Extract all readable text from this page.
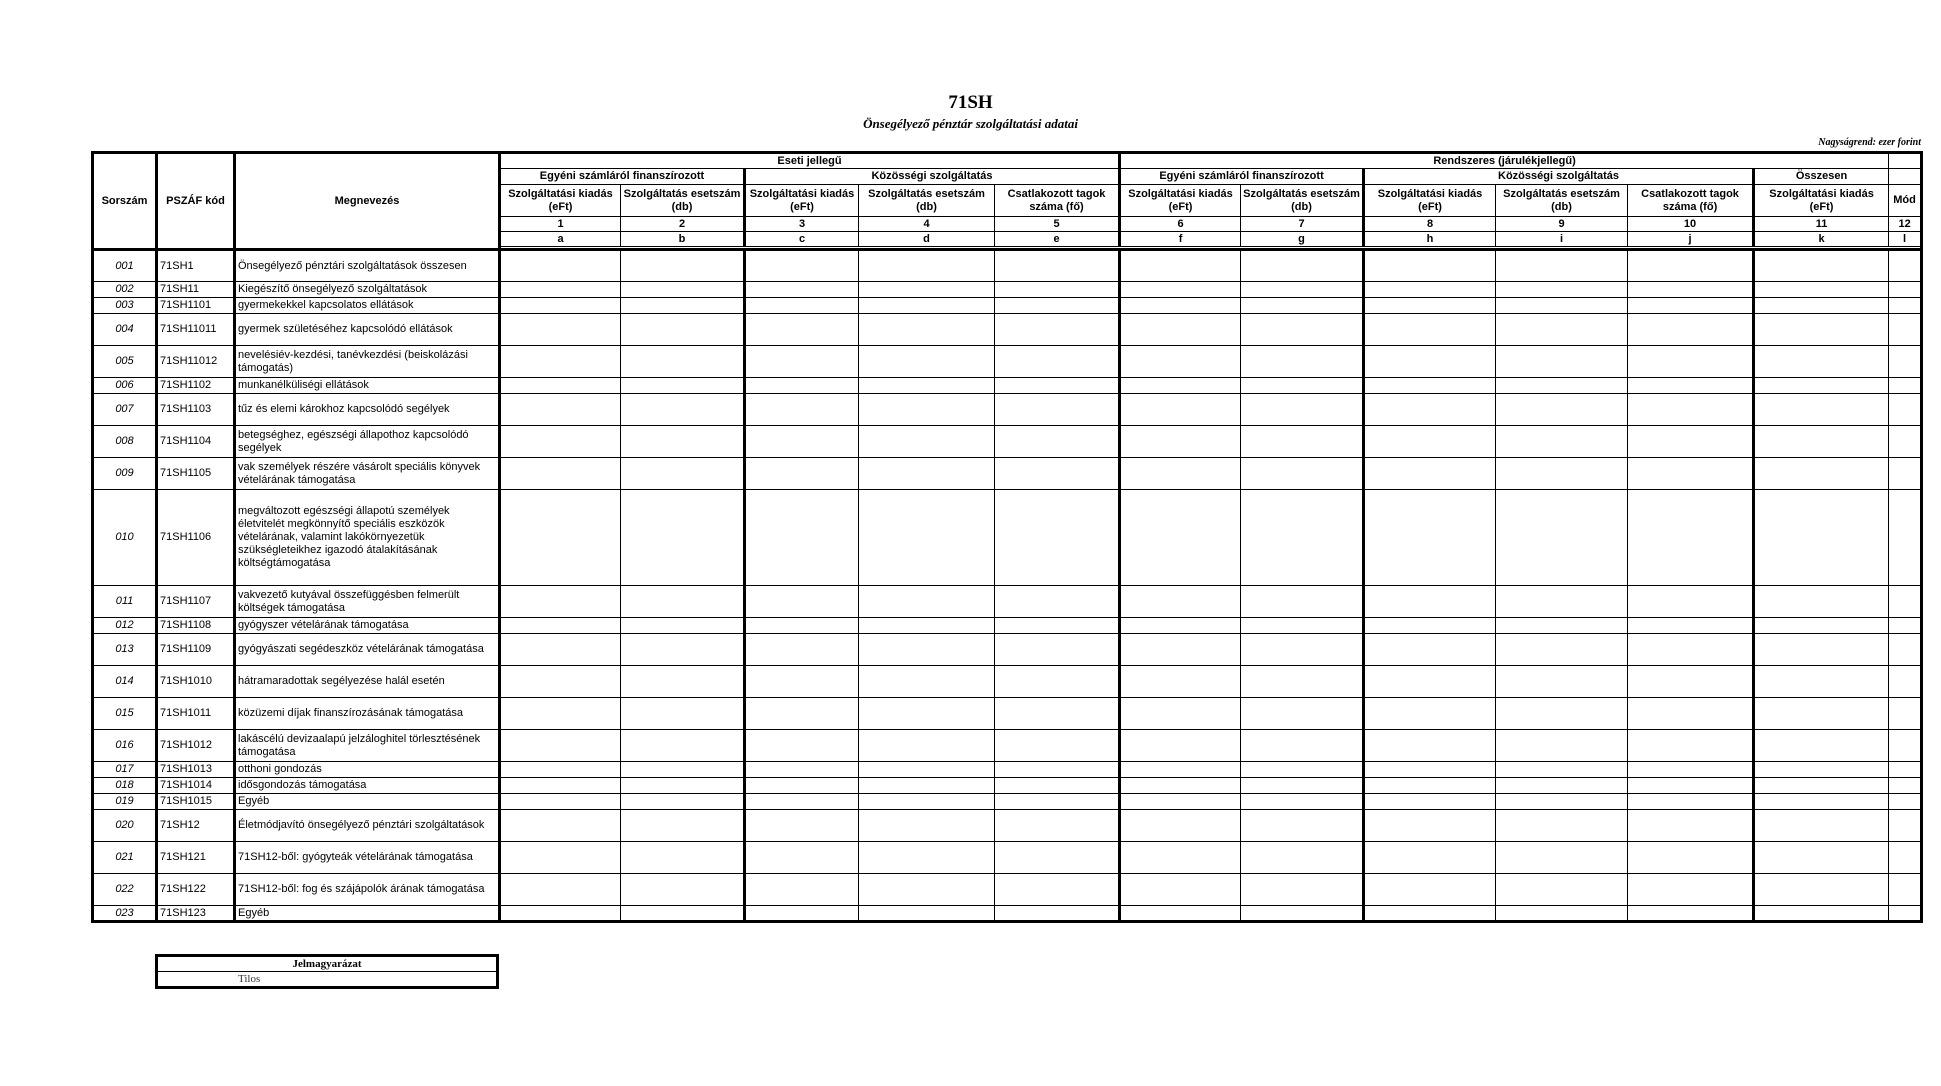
71SH
Önsegélyező pénztár szolgáltatási adatai
Nagyságrend: ezer forint
Sorszám	PSZÁF kód	Megnevezés	Eseti jellegű					Rendszeres (járulékjellegű)						
			Egyéni számláról finanszírozott		Közösségi szolgáltatás			Egyéni számláról finanszírozott		Közösségi szolgáltatás			Összesen	
			Szolgáltatási kiadás (eFt)	Szolgáltatás esetszám (db)	Szolgáltatási kiadás (eFt)	Szolgáltatás esetszám (db)	Csatlakozott tagok száma (fő)	Szolgáltatási kiadás (eFt)	Szolgáltatás esetszám (db)	Szolgáltatási kiadás (eFt)	Szolgáltatás esetszám (db)	Csatlakozott tagok száma (fő)	Szolgáltatási kiadás (eFt)	Mód
			1	2	3	4	5	6	7	8	9	10	11	12
			a	b	c	d	e	f	g	h	i	j	k	l

001	71SH1	Önsegélyező pénztári szolgáltatások összesen												
002	71SH11	Kiegészítő önsegélyező szolgáltatások												
003	71SH1101	gyermekekkel kapcsolatos ellátások												
004	71SH11011	gyermek születéséhez kapcsolódó ellátások												
005	71SH11012	nevelésiév-kezdési, tanévkezdési (beiskolázási támogatás)												
006	71SH1102	munkanélküliségi ellátások												
007	71SH1103	tűz és elemi károkhoz kapcsolódó segélyek												
008	71SH1104	betegséghez, egészségi állapothoz kapcsolódó segélyek												
009	71SH1105	vak személyek részére vásárolt speciális könyvek vételárának támogatása												
010	71SH1106	megváltozott egészségi állapotú személyek életvitelét megkönnyítő speciális eszközök vételárának, valamint lakókörnyezetük szükségleteikhez igazodó átalakításának költségtámogatása												
011	71SH1107	vakvezető kutyával összefüggésben felmerült költségek támogatása												
012	71SH1108	gyógyszer vételárának támogatása												
013	71SH1109	gyógyászati segédeszköz vételárának támogatása												
014	71SH1010	hátramaradottak segélyezése halál esetén												
015	71SH1011	közüzemi díjak finanszírozásának támogatása												
016	71SH1012	lakáscélú devizaalapú jelzáloghitel törlesztésének támogatása												
017	71SH1013	otthoni gondozás												
018	71SH1014	idősgondozás támogatása												
019	71SH1015	Egyéb												
020	71SH12	Életmódjavító önsegélyező pénztári szolgáltatások												
021	71SH121	71SH12-ből: gyógyteák vételárának támogatása												
022	71SH122	71SH12-ből: fog és szájápolók árának támogatása												
023	71SH123	Egyéb												
Jelmagyarázat
Tilos
